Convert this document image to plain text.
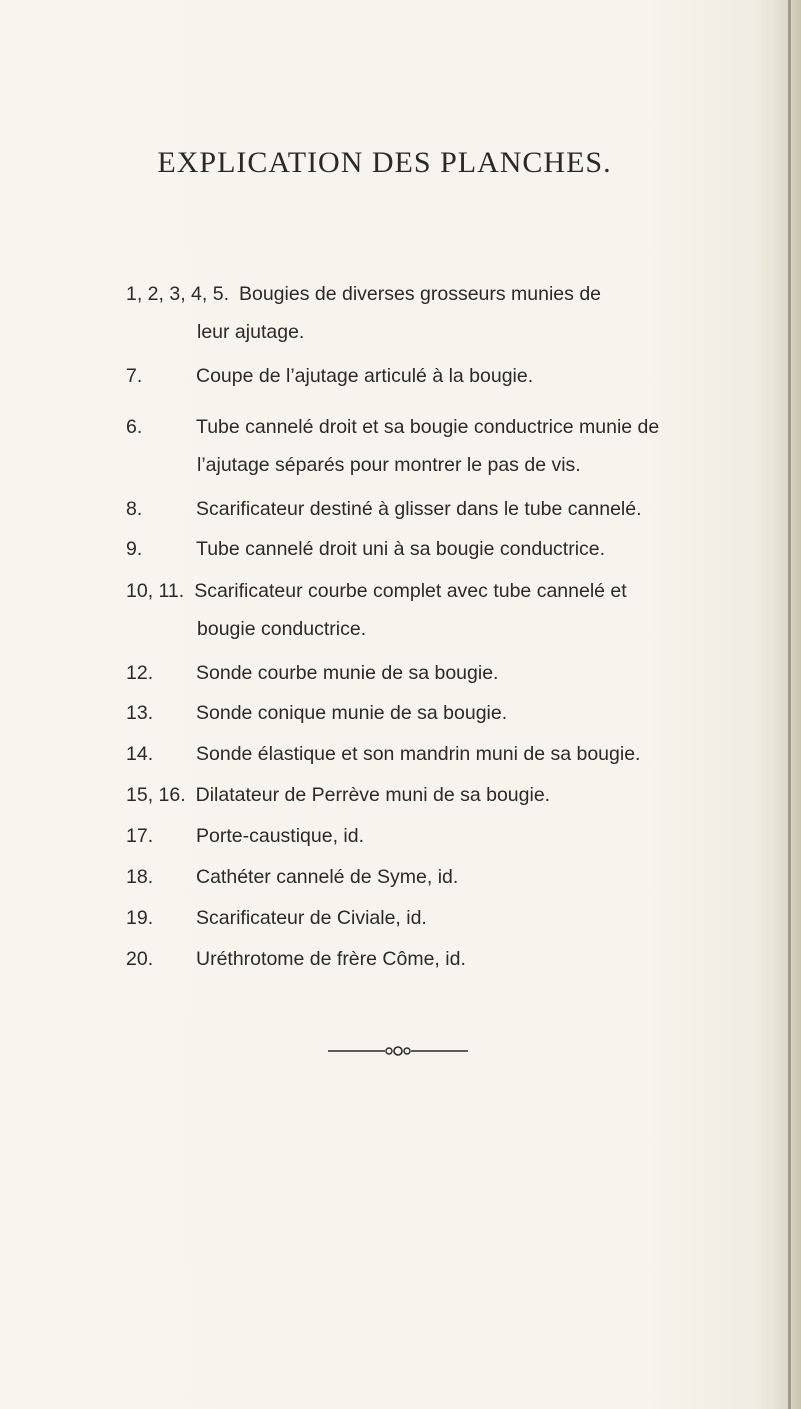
EXPLICATION DES PLANCHES.
1, 2, 3, 4, 5. Bougies de diverses grosseurs munies de
leur ajutage.
7.	Coupe de l’ajutage articulé à la bougie.
6.	Tube cannelé droit et sa bougie conductrice munie de
l’ajutage séparés pour montrer le pas de vis.
8.	Scarificateur destiné à glisser dans le tube cannelé.
9.	Tube cannelé droit uni à sa bougie conductrice.
10, 11. Scarificateur courbe complet avec tube cannelé et
bougie conductrice.
12. Sonde courbe munie de sa bougie.
13. Sonde conique munie de sa bougie.
14. Sonde élastique et son mandrin muni de sa bougie.
15, 16. Dilatateur de Perrève muni de sa bougie.
17. Porte-caustique, id.
18. Cathéter cannelé de Syme, id.
19. Scarificateur de Civiale, id.
20. Uréthrotome de frère Côme, id.
